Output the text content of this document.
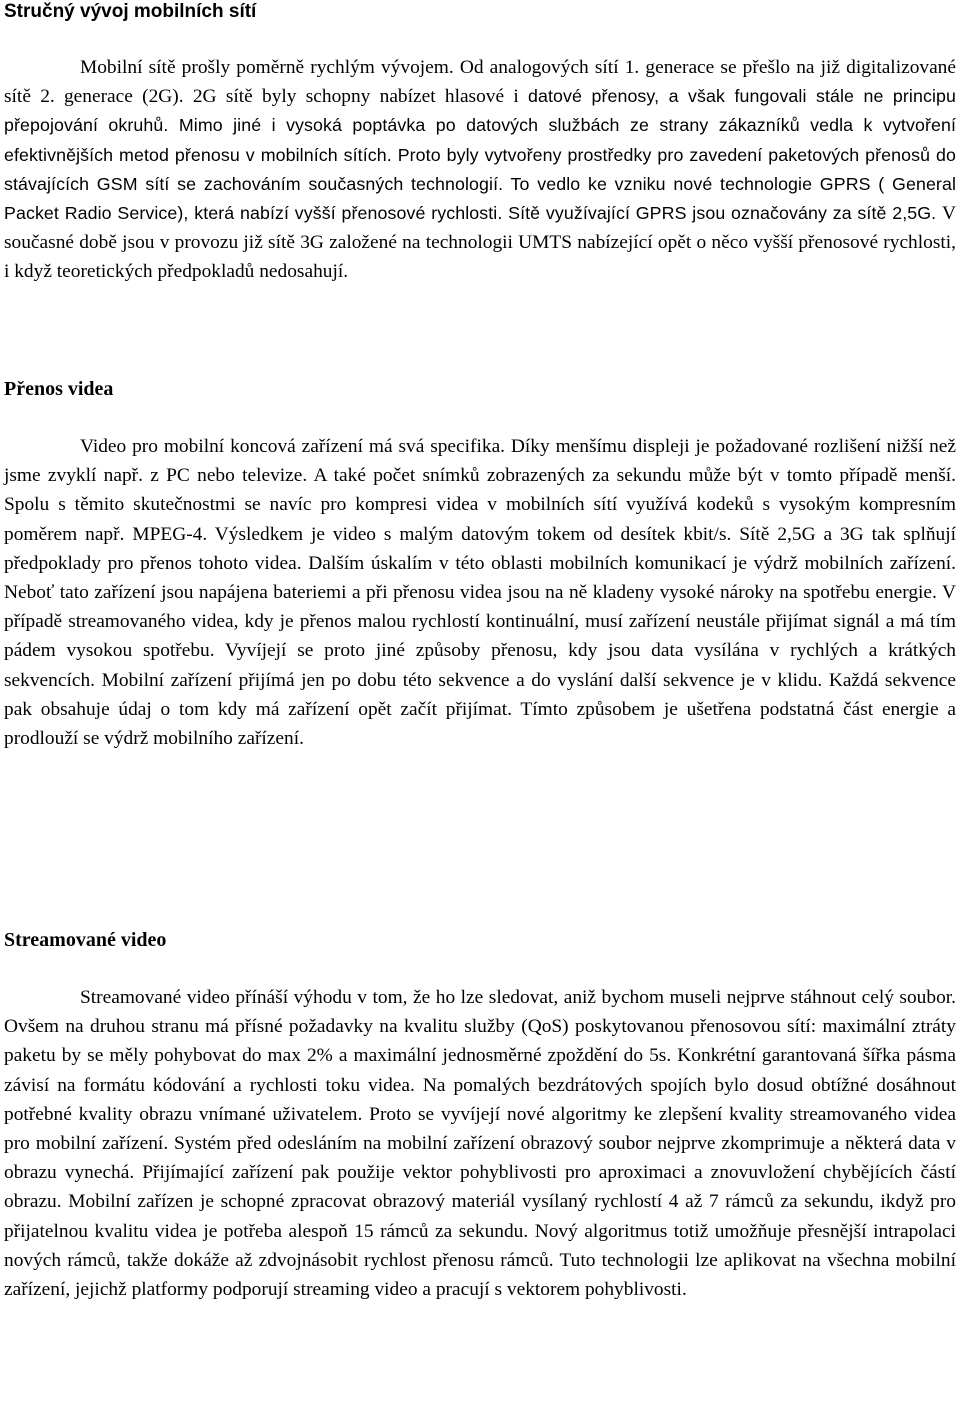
Stručný vývoj mobilních sítí

Mobilní sítě prošly poměrně rychlým vývojem. Od analogových sítí 1. generace se přešlo na již digitalizované sítě 2. generace (2G). 2G sítě byly schopny nabízet hlasové i datové přenosy, a však fungovali stále ne principu přepojování okruhů. Mimo jiné i vysoká poptávka po datových službách ze strany zákazníků vedla k vytvoření efektivnějších metod přenosu v mobilních sítích. Proto byly vytvořeny prostředky pro zavedení paketových přenosů do stávajících GSM sítí se zachováním současných technologií. To vedlo ke vzniku nové technologie GPRS ( General Packet Radio Service), která nabízí vyšší přenosové rychlosti. Sítě využívající GPRS jsou označovány za sítě 2,5G. V současné době jsou v provozu již sítě 3G založené na technologii UMTS nabízející opět o něco vyšší přenosové rychlosti, i když teoretických předpokladů nedosahují.

Přenos videa

Video pro mobilní koncová zařízení má svá specifika. Díky menšímu displeji je požadované rozlišení nižší než jsme zvyklí např. z PC nebo televize. A také počet snímků zobrazených za sekundu může být v tomto případě menší. Spolu s těmito skutečnostmi se navíc pro kompresi videa v mobilních sítí využívá kodeků s vysokým kompresním poměrem např. MPEG-4. Výsledkem je video s malým datovým tokem od desítek kbit/s. Sítě 2,5G a 3G tak splňují předpoklady pro přenos tohoto videa. Dalším úskalím v této oblasti mobilních komunikací je výdrž mobilních zařízení. Neboť tato zařízení jsou napájena bateriemi a při přenosu videa jsou na ně kladeny vysoké nároky na spotřebu energie. V případě streamovaného videa, kdy je přenos malou rychlostí kontinuální, musí zařízení neustále přijímat signál a má tím pádem vysokou spotřebu. Vyvíjejí se proto jiné způsoby přenosu, kdy jsou data vysílána v rychlých a krátkých sekvencích. Mobilní zařízení přijímá jen po dobu této sekvence a do vyslání další sekvence je v klidu. Každá sekvence pak obsahuje údaj o tom kdy má zařízení opět začít přijímat. Tímto způsobem je ušetřena podstatná část energie a prodlouží se výdrž mobilního zařízení.

Streamované video

Streamované video přínáší výhodu v tom, že ho lze sledovat, aniž bychom museli nejprve stáhnout celý soubor. Ovšem na druhou stranu má přísné požadavky na kvalitu služby (QoS) poskytovanou přenosovou sítí: maximální ztráty paketu by se měly pohybovat do max 2% a maximální jednosměrné zpoždění do 5s. Konkrétní garantovaná šířka pásma závisí na formátu kódování a rychlosti toku videa. Na pomalých bezdrátových spojích bylo dosud obtížné dosáhnout potřebné kvality obrazu vnímané uživatelem. Proto se vyvíjejí nové algoritmy ke zlepšení kvality streamovaného videa pro mobilní zařízení. Systém před odesláním na mobilní zařízení obrazový soubor nejprve zkomprimuje a některá data v obrazu vynechá. Přijímající zařízení pak použije vektor pohyblivosti pro aproximaci a znovuvložení chybějících částí obrazu. Mobilní zařízen je schopné zpracovat obrazový materiál vysílaný rychlostí 4 až 7 rámců za sekundu, ikdyž pro přijatelnou kvalitu videa je potřeba alespoň 15 rámců za sekundu. Nový algoritmus totiž umožňuje přesnější intrapolaci nových rámců, takže dokáže až zdvojnásobit rychlost přenosu rámců. Tuto technologii lze aplikovat na všechna mobilní zařízení, jejichž platformy podporují streaming video a pracují s vektorem pohyblivosti.
